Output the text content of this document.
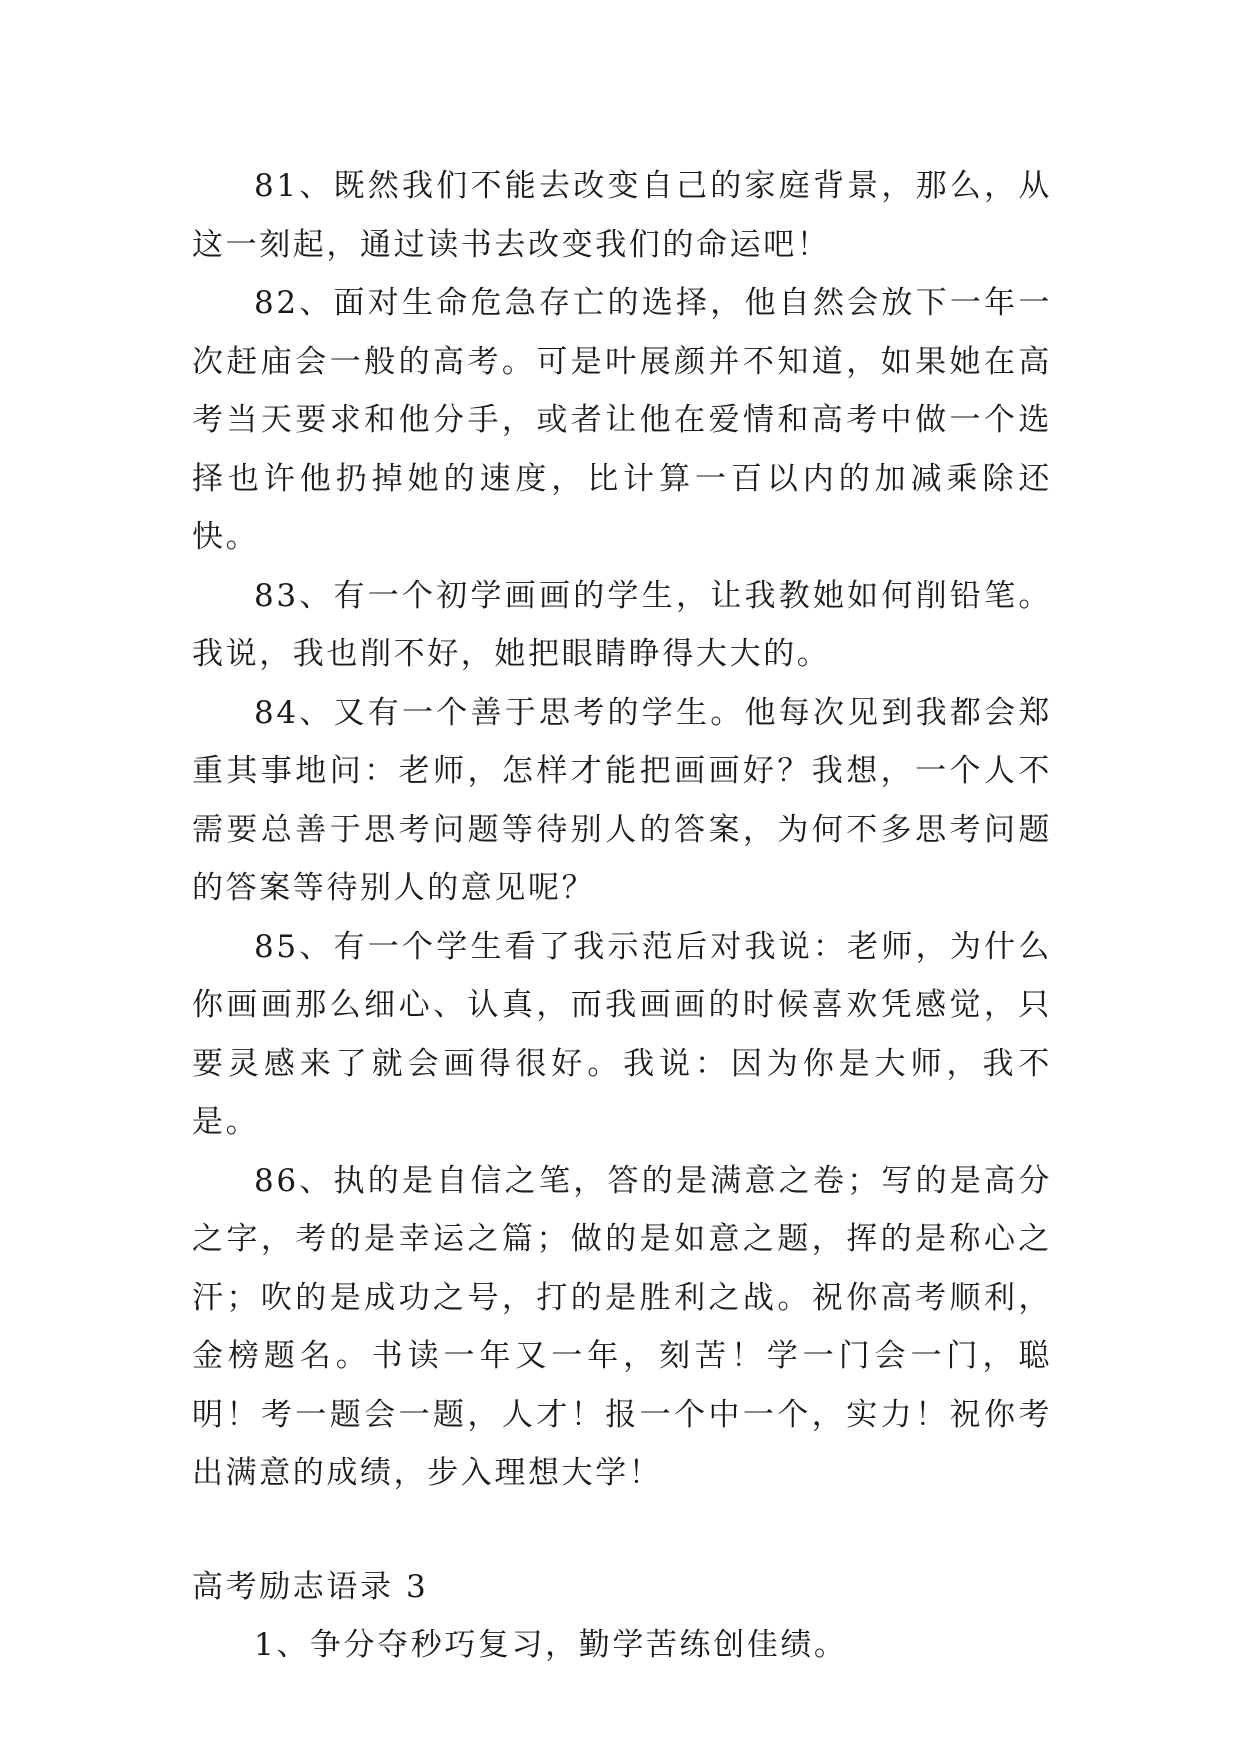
81、既然我们不能去改变自己的家庭背景，那么，从这一刻起，通过读书去改变我们的命运吧！

82、面对生命危急存亡的选择，他自然会放下一年一次赶庙会一般的高考。可是叶展颜并不知道，如果她在高考当天要求和他分手，或者让他在爱情和高考中做一个选择也许他扔掉她的速度，比计算一百以内的加减乘除还快。

83、有一个初学画画的学生，让我教她如何削铅笔。我说，我也削不好，她把眼睛睁得大大的。

84、又有一个善于思考的学生。他每次见到我都会郑重其事地问：老师，怎样才能把画画好？我想，一个人不需要总善于思考问题等待别人的答案，为何不多思考问题的答案等待别人的意见呢？

85、有一个学生看了我示范后对我说：老师，为什么你画画那么细心、认真，而我画画的时候喜欢凭感觉，只要灵感来了就会画得很好。我说：因为你是大师，我不是。

86、执的是自信之笔，答的是满意之卷；写的是高分之字，考的是幸运之篇；做的是如意之题，挥的是称心之汗；吹的是成功之号，打的是胜利之战。祝你高考顺利，金榜题名。书读一年又一年，刻苦！学一门会一门，聪明！考一题会一题，人才！报一个中一个，实力！祝你考出满意的成绩，步入理想大学！

高考励志语录 3

1、争分夺秒巧复习，勤学苦练创佳绩。
